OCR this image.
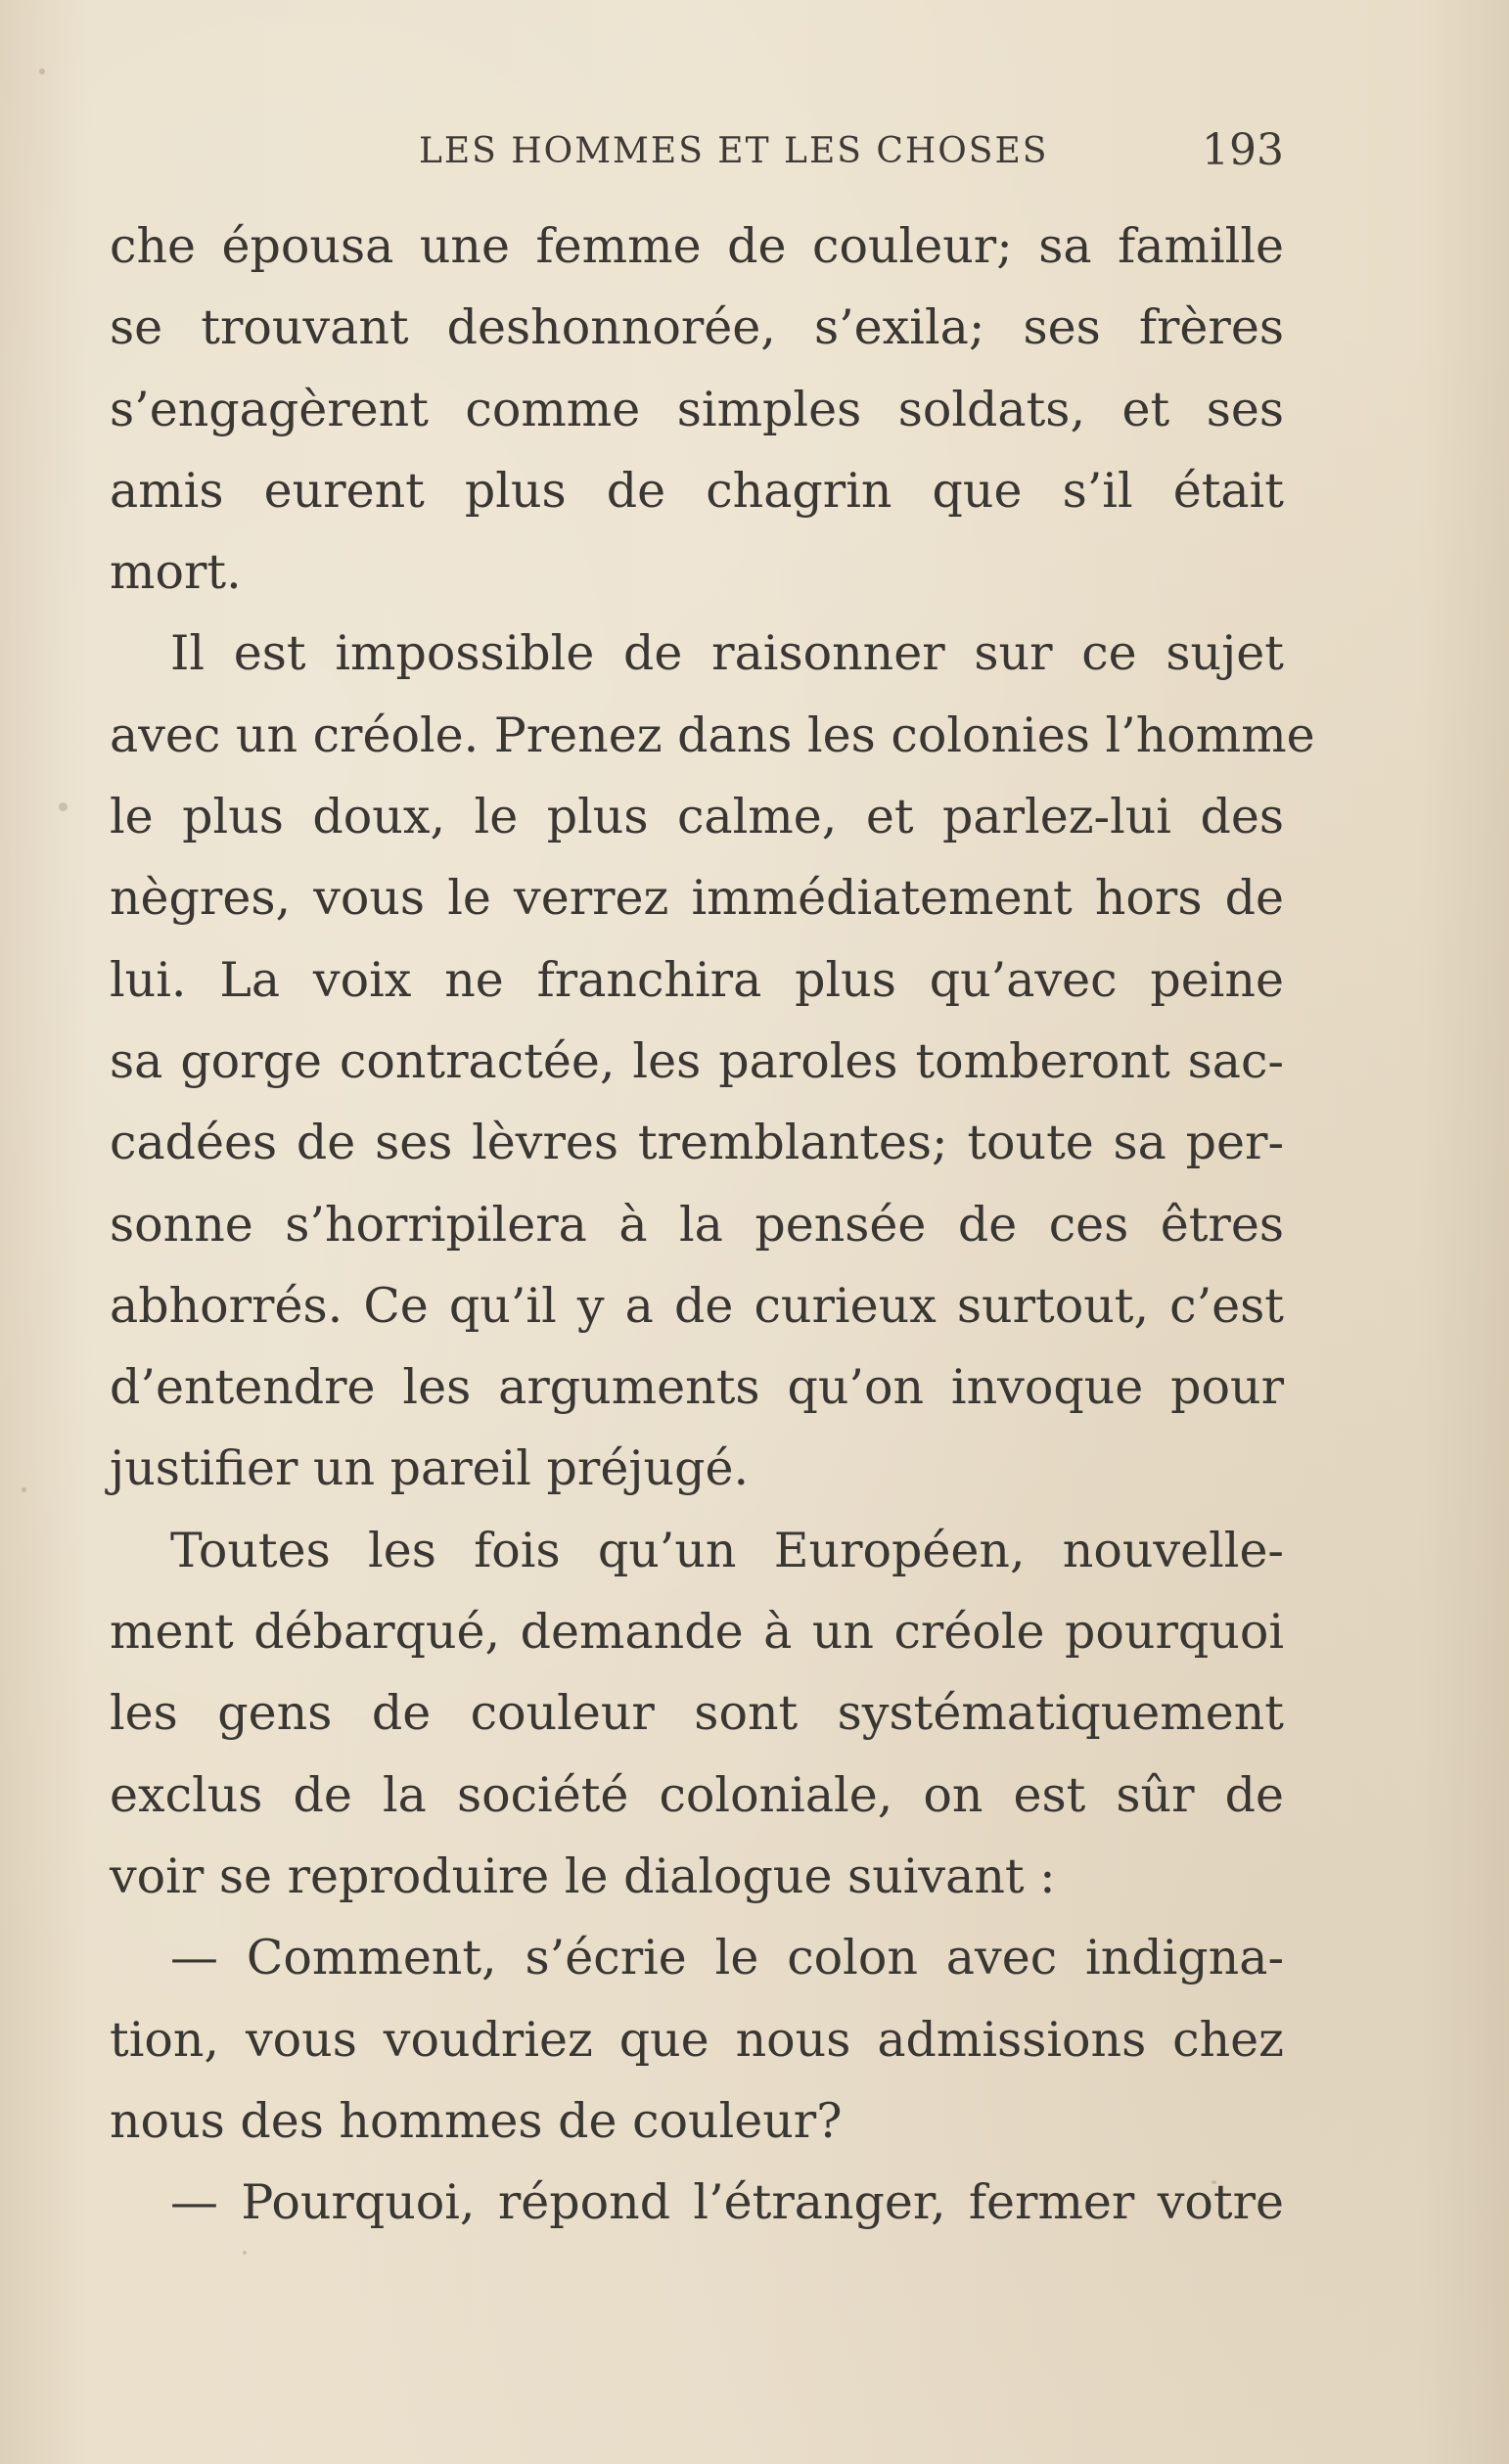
LES HOMMES ET LES CHOSES	193

che épousa une femme de couleur; sa famille
se trouvant deshonnorée, s’exila; ses frères
s’engagèrent comme simples soldats, et ses
amis eurent plus de chagrin que s’il était
mort.

Il est impossible de raisonner sur ce sujet
avec un créole. Prenez dans les colonies l’homme
le plus doux, le plus calme, et parlez-lui des
nègres, vous le verrez immédiatement hors de
lui. La voix ne franchira plus qu’avec peine
sa gorge contractée, les paroles tomberont sac-
cadées de ses lèvres tremblantes; toute sa per-
sonne s’horripilera à la pensée de ces êtres
abhorrés. Ce qu’il y a de curieux surtout, c’est
d’entendre les arguments qu’on invoque pour
justifier un pareil préjugé.

Toutes les fois qu’un Européen, nouvelle-
ment débarqué, demande à un créole pourquoi
les gens de couleur sont systématiquement
exclus de la société coloniale, on est sûr de
voir se reproduire le dialogue suivant :

— Comment, s’écrie le colon avec indigna-
tion, vous voudriez que nous admissions chez
nous des hommes de couleur?

— Pourquoi, répond l’étranger, fermer votre
